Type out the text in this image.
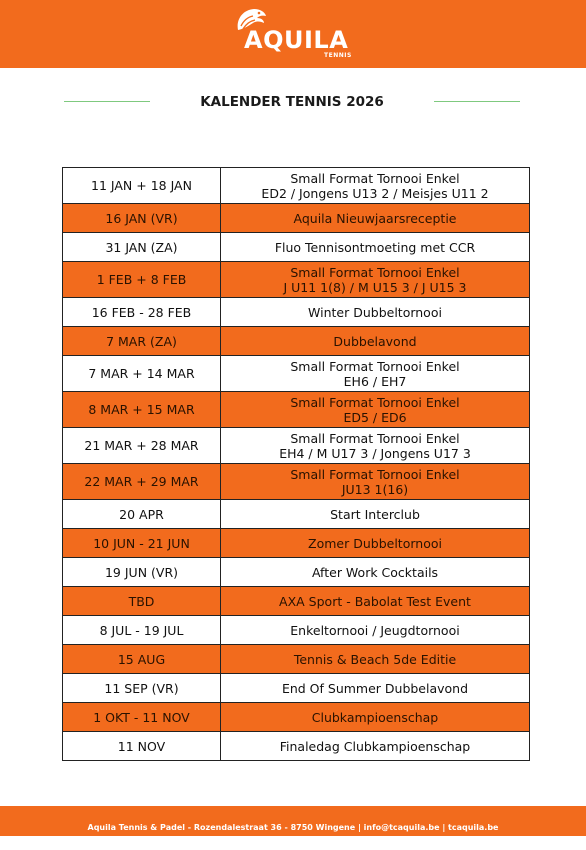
AQUILA
TENNIS
KALENDER TENNIS 2026
11 JAN + 18 JAN	Small Format Tornooi Enkel
ED2 / Jongens U13 2 / Meisjes U11 2

16 JAN (VR)	Aquila Nieuwjaarsreceptie

31 JAN (ZA)	Fluo Tennisontmoeting met CCR

1 FEB + 8 FEB	Small Format Tornooi Enkel
J U11 1(8) / M U15 3 / J U15 3

16 FEB - 28 FEB	Winter Dubbeltornooi

7 MAR (ZA)	Dubbelavond

7 MAR + 14 MAR	Small Format Tornooi Enkel
EH6 / EH7

8 MAR + 15 MAR	Small Format Tornooi Enkel
ED5 / ED6

21 MAR + 28 MAR	Small Format Tornooi Enkel
EH4 / M U17 3 / Jongens U17 3

22 MAR + 29 MAR	Small Format Tornooi Enkel
JU13 1(16)

20 APR	Start Interclub

10 JUN - 21 JUN	Zomer Dubbeltornooi

19 JUN (VR)	After Work Cocktails

TBD	AXA Sport - Babolat Test Event

8 JUL - 19 JUL	Enkeltornooi / Jeugdtornooi

15 AUG	Tennis & Beach 5de Editie

11 SEP (VR)	End Of Summer Dubbelavond

1 OKT - 11 NOV	Clubkampioenschap

11 NOV	Finaledag Clubkampioenschap
Aquila Tennis & Padel - Rozendalestraat 36 - 8750 Wingene | info@tcaquila.be | tcaquila.be
